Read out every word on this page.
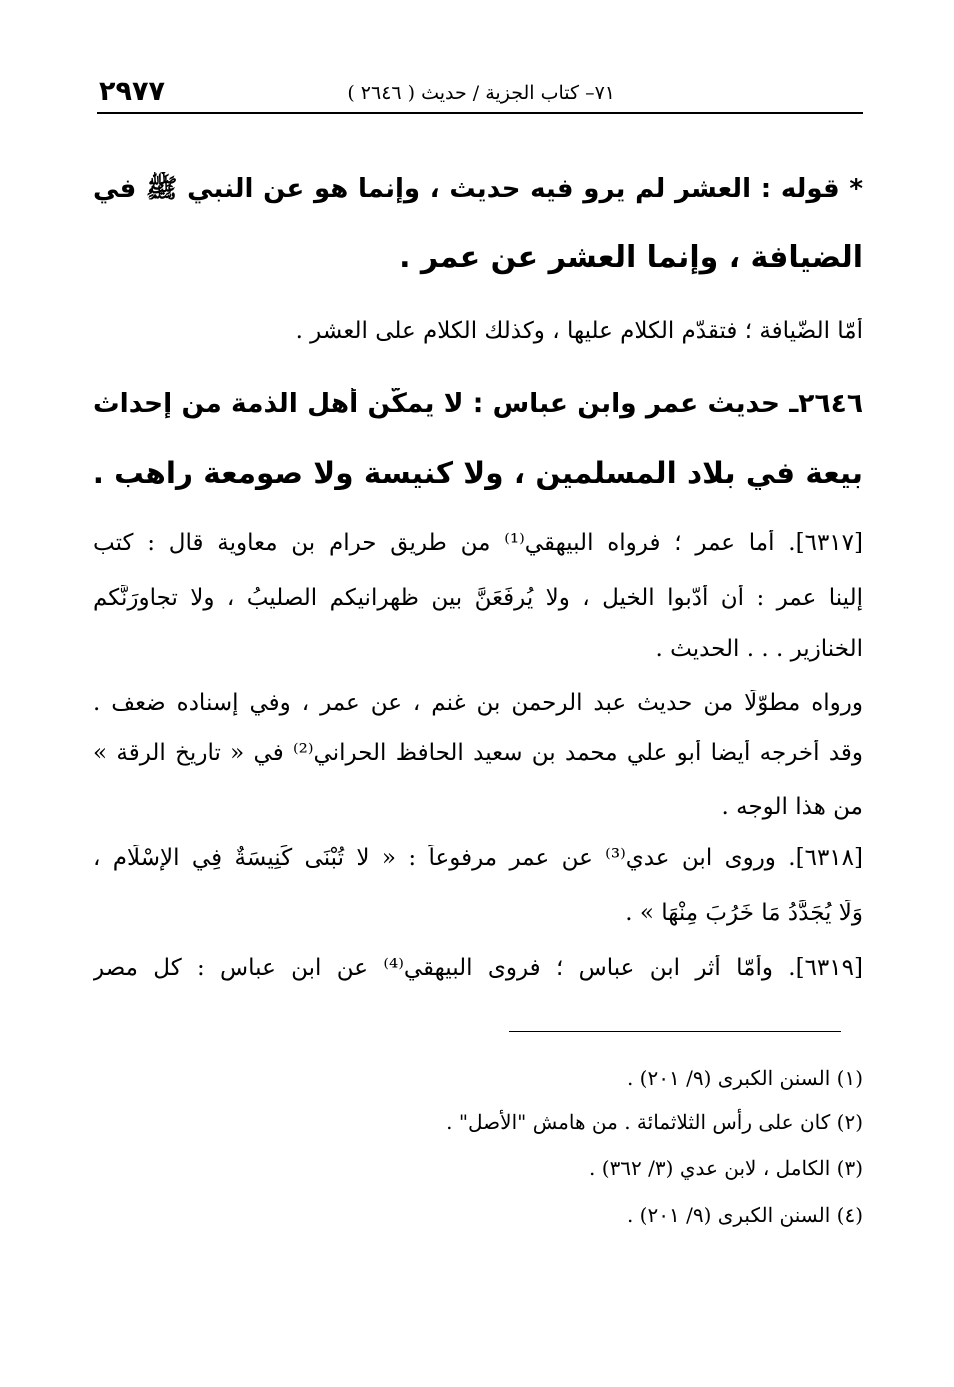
٢٩٧٧	٧١– كتاب الجزية / حديث ( ٢٦٤٦ )
* قوله : العشر لم يرو فيه حديث ، وإنما هو عن النبي ﷺ في
الضيافة ، وإنما العشر عن عمر .
أمّا الضّيافة ؛ فتقدّم الكلام عليها ، وكذلك الكلام على العشر .
٢٦٤٦ـ حديث عمر وابن عباس : لا يمكّن أهل الذمة من إحداث
بيعة في بلاد المسلمين ، ولا كنيسة ولا صومعة راهب .
[٦٣١٧]. أما عمر ؛ فرواه البيهقي⁽¹⁾ من طريق حرام بن معاوية قال : كتب
إلينا عمر : أن أدّبوا الخيل ، ولا يُرفَعَنَّ بين ظهرانيكم الصليبُ ، ولا تجاوِرَنَّكم
الخنازير . . . الحديث .
ورواه مطوّلًا من حديث عبد الرحمن بن غنم ، عن عمر ، وفي إسناده ضعف .
وقد أخرجه أيضا أبو علي محمد بن سعيد الحافظ الحراني⁽²⁾ في « تاريخ الرقة »
من هذا الوجه .
[٦٣١٨]. وروى ابن عدي⁽³⁾ عن عمر مرفوعاً : « لا تُبْنَى كَنِيسَةٌ فِي الإِسْلَامِ ،
وَلَا يُجَدَّدُ مَا خَرُبَ مِنْهَا » .
[٦٣١٩]. وأمّا أثر ابن عباس ؛ فروى البيهقي⁽⁴⁾ عن ابن عباس : كل مصر
(١) السنن الكبرى (٩/ ٢٠١) .
(٢) كان على رأس الثلاثمائة . من هامش "الأصل" .
(٣) الكامل ، لابن عدي (٣/ ٣٦٢) .
(٤) السنن الكبرى (٩/ ٢٠١) .
